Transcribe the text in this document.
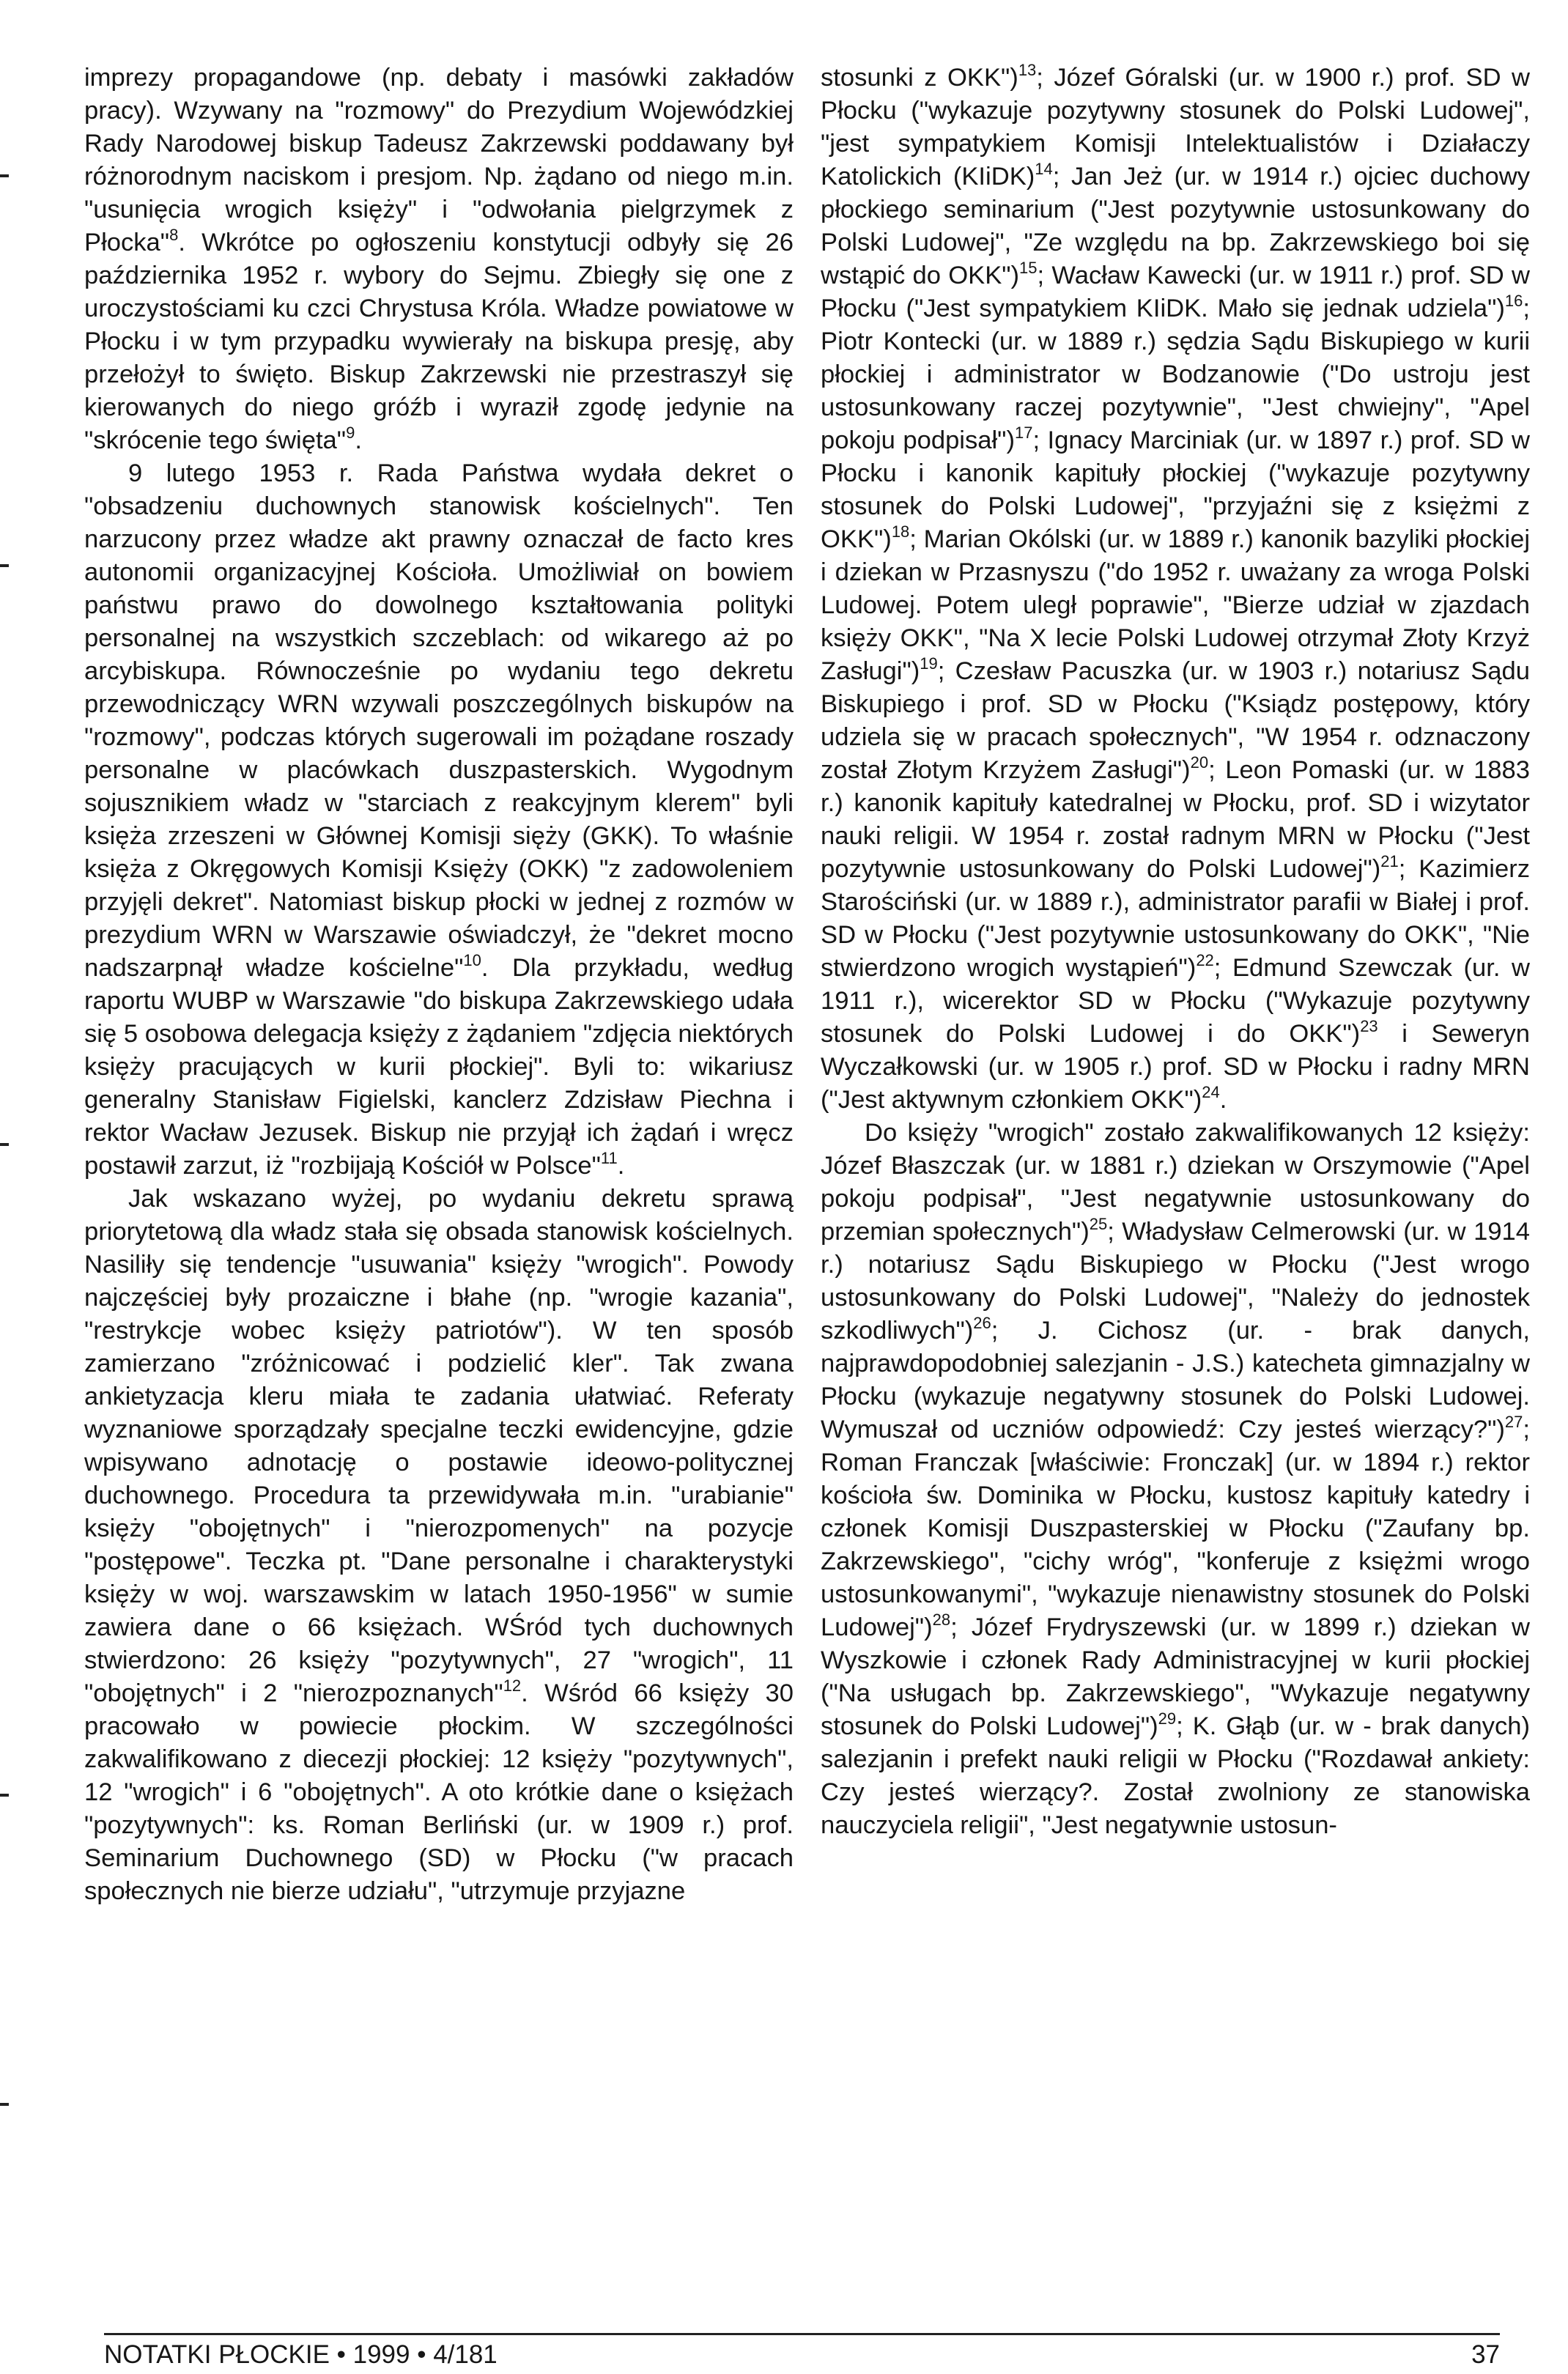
imprezy propagandowe (np. debaty i masówki zakładów pracy). Wzywany na "rozmowy" do Prezydium Wojewódzkiej Rady Narodowej biskup Tadeusz Zakrzewski poddawany był różnorodnym naciskom i presjom. Np. żądano od niego m.in. "usunięcia wrogich księży" i "odwołania pielgrzymek z Płocka"$^8$. Wkrótce po ogłoszeniu konstytucji odbyły się 26 października 1952 r. wybory do Sejmu. Zbiegły się one z uroczystościami ku czci Chrystusa Króla. Władze powiatowe w Płocku i w tym przypadku wywierały na biskupa presję, aby przełożył to święto. Biskup Zakrzewski nie przestraszył się kierowanych do niego gróźb i wyraził zgodę jedynie na "skrócenie tego święta"$^9$.

9 lutego 1953 r. Rada Państwa wydała dekret o "obsadzeniu duchownych stanowisk kościelnych". Ten narzucony przez władze akt prawny oznaczał de facto kres autonomii organizacyjnej Kościoła. Umożliwiał on bowiem państwu prawo do dowolnego kształtowania polityki personalnej na wszystkich szczeblach: od wikarego aż po arcybiskupa. Równocześnie po wydaniu tego dekretu przewodniczący WRN wzywali poszczególnych biskupów na "rozmowy", podczas których sugerowali im pożądane roszady personalne w placówkach duszpasterskich. Wygodnym sojusznikiem władz w "starciach z reakcyjnym klerem" byli księża zrzeszeni w Głównej Komisji sięży (GKK). To właśnie księża z Okręgowych Komisji Księży (OKK) "z zadowoleniem przyjęli dekret". Natomiast biskup płocki w jednej z rozmów w prezydium WRN w Warszawie oświadczył, że "dekret mocno nadszarpnął władze kościelne"$^{10}$. Dla przykładu, według raportu WUBP w Warszawie "do biskupa Zakrzewskiego udała się 5 osobowa delegacja księży z żądaniem "zdjęcia niektórych księży pracujących w kurii płockiej". Byli to: wikariusz generalny Stanisław Figielski, kanclerz Zdzisław Piechna i rektor Wacław Jezusek. Biskup nie przyjął ich żądań i wręcz postawił zarzut, iż "rozbijają Kościół w Polsce"$^{11}$.

Jak wskazano wyżej, po wydaniu dekretu sprawą priorytetową dla władz stała się obsada stanowisk kościelnych. Nasiliły się tendencje "usuwania" księży "wrogich". Powody najczęściej były prozaiczne i błahe (np. "wrogie kazania", "restrykcje wobec księży patriotów"). W ten sposób zamierzano "zróżnicować i podzielić kler". Tak zwana ankietyzacja kleru miała te zadania ułatwiać. Referaty wyznaniowe sporządzały specjalne teczki ewidencyjne, gdzie wpisywano adnotację o postawie ideowo-politycznej duchownego. Procedura ta przewidywała m.in. "urabianie" księży "obojętnych" i "nierozpomenych" na pozycje "postępowe". Teczka pt. "Dane personalne i charakterystyki księży w woj. warszawskim w latach 1950-1956" w sumie zawiera dane o 66 księżach. WŚród tych duchownych stwierdzono: 26 księży "pozytywnych", 27 "wrogich", 11 "obojętnych" i 2 "nierozpoznanych"$^{12}$. Wśród 66 księży 30 pracowało w powiecie płockim. W szczególności zakwalifikowano z diecezji płockiej: 12 księży "pozytywnych", 12 "wrogich" i 6 "obojętnych". A oto krótkie dane o księżach "pozytywnych": ks. Roman Berliński (ur. w 1909 r.) prof. Seminarium Duchownego (SD) w Płocku ("w pracach społecznych nie bierze udziału", "utrzymuje przyjazne

stosunki z OKK")$^{13}$; Józef Góralski (ur. w 1900 r.) prof. SD w Płocku ("wykazuje pozytywny stosunek do Polski Ludowej", "jest sympatykiem Komisji Intelektualistów i Działaczy Katolickich (KIiDK)$^{14}$; Jan Jeż (ur. w 1914 r.) ojciec duchowy płockiego seminarium ("Jest pozytywnie ustosunkowany do Polski Ludowej", "Ze względu na bp. Zakrzewskiego boi się wstąpić do OKK")$^{15}$; Wacław Kawecki (ur. w 1911 r.) prof. SD w Płocku ("Jest sympatykiem KIiDK. Mało się jednak udziela")$^{16}$; Piotr Kontecki (ur. w 1889 r.) sędzia Sądu Biskupiego w kurii płockiej i administrator w Bodzanowie ("Do ustroju jest ustosunkowany raczej pozytywnie", "Jest chwiejny", "Apel pokoju podpisał")$^{17}$; Ignacy Marciniak (ur. w 1897 r.) prof. SD w Płocku i kanonik kapituły płockiej ("wykazuje pozytywny stosunek do Polski Ludowej", "przyjaźni się z księżmi z OKK")$^{18}$; Marian Okólski (ur. w 1889 r.) kanonik bazyliki płockiej i dziekan w Przasnyszu ("do 1952 r. uważany za wroga Polski Ludowej. Potem uległ poprawie", "Bierze udział w zjazdach księży OKK", "Na X lecie Polski Ludowej otrzymał Złoty Krzyż Zasługi")$^{19}$; Czesław Pacuszka (ur. w 1903 r.) notariusz Sądu Biskupiego i prof. SD w Płocku ("Ksiądz postępowy, który udziela się w pracach społecznych", "W 1954 r. odznaczony został Złotym Krzyżem Zasługi")$^{20}$; Leon Pomaski (ur. w 1883 r.) kanonik kapituły katedralnej w Płocku, prof. SD i wizytator nauki religii. W 1954 r. został radnym MRN w Płocku ("Jest pozytywnie ustosunkowany do Polski Ludowej")$^{21}$; Kazimierz Starościński (ur. w 1889 r.), administrator parafii w Białej i prof. SD w Płocku ("Jest pozytywnie ustosunkowany do OKK", "Nie stwierdzono wrogich wystąpień")$^{22}$; Edmund Szewczak (ur. w 1911 r.), wicerektor SD w Płocku ("Wykazuje pozytywny stosunek do Polski Ludowej i do OKK")$^{23}$ i Seweryn Wyczałkowski (ur. w 1905 r.) prof. SD w Płocku i radny MRN ("Jest aktywnym członkiem OKK")$^{24}$.

Do księży "wrogich" zostało zakwalifikowanych 12 księży: Józef Błaszczak (ur. w 1881 r.) dziekan w Orszymowie ("Apel pokoju podpisał", "Jest negatywnie ustosunkowany do przemian społecznych")$^{25}$; Władysław Celmerowski (ur. w 1914 r.) notariusz Sądu Biskupiego w Płocku ("Jest wrogo ustosunkowany do Polski Ludowej", "Należy do jednostek szkodliwych")$^{26}$; J. Cichosz (ur. - brak danych, najprawdopodobniej salezjanin - J.S.) katecheta gimnazjalny w Płocku (wykazuje negatywny stosunek do Polski Ludowej. Wymuszał od uczniów odpowiedź: Czy jesteś wierzący?")$^{27}$; Roman Franczak [właściwie: Fronczak] (ur. w 1894 r.) rektor kościoła św. Dominika w Płocku, kustosz kapituły katedry i członek Komisji Duszpasterskiej w Płocku ("Zaufany bp. Zakrzewskiego", "cichy wróg", "konferuje z księżmi wrogo ustosunkowanymi", "wykazuje nienawistny stosunek do Polski Ludowej")$^{28}$; Józef Frydryszewski (ur. w 1899 r.) dziekan w Wyszkowie i członek Rady Administracyjnej w kurii płockiej ("Na usługach bp. Zakrzewskiego", "Wykazuje negatywny stosunek do Polski Ludowej")$^{29}$; K. Głąb (ur. w - brak danych) salezjanin i prefekt nauki religii w Płocku ("Rozdawał ankiety: Czy jesteś wierzący?. Został zwolniony ze stanowiska nauczyciela religii", "Jest negatywnie ustosun-

NOTATKI PŁOCKIE • 1999 • 4/181	37
